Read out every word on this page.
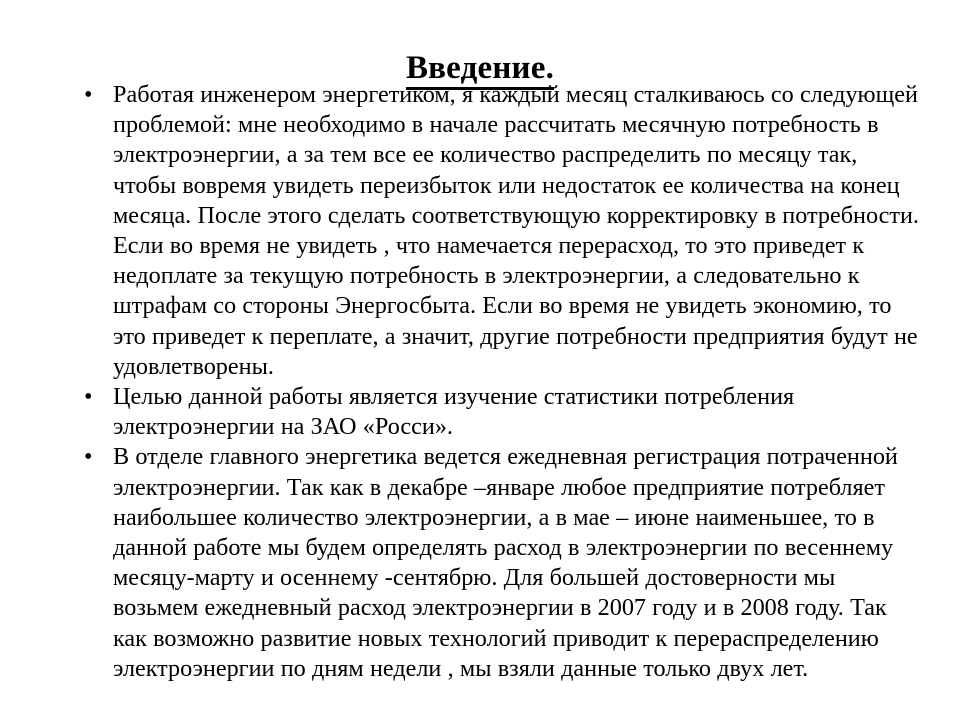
Введение.
• Работая инженером энергетиком, я каждый месяц сталкиваюсь со следующей проблемой: мне необходимо в начале рассчитать месячную потребность в электроэнергии, а за тем все ее количество распределить по месяцу так, чтобы вовремя увидеть переизбыток или недостаток ее количества на конец месяца. После этого сделать соответствующую корректировку в потребности. Если во время не увидеть , что намечается перерасход, то это приведет к недоплате за текущую потребность в электроэнергии, а следовательно к штрафам со стороны Энергосбыта. Если во время не увидеть экономию, то это приведет к переплате, а значит, другие потребности предприятия будут не удовлетворены.
• Целью данной работы является изучение статистики потребления электроэнергии на ЗАО «Росси».
• В отделе главного энергетика ведется ежедневная регистрация потраченной электроэнергии. Так как в декабре –январе любое предприятие потребляет наибольшее количество электроэнергии, а в мае – июне наименьшее, то в данной работе мы будем определять расход в электроэнергии по весеннему месяцу-марту и осеннему -сентябрю. Для большей достоверности мы возьмем ежедневный расход электроэнергии в 2007 году и в 2008 году. Так как возможно развитие новых технологий приводит к перераспределению электроэнергии по дням недели , мы взяли данные только двух лет.
